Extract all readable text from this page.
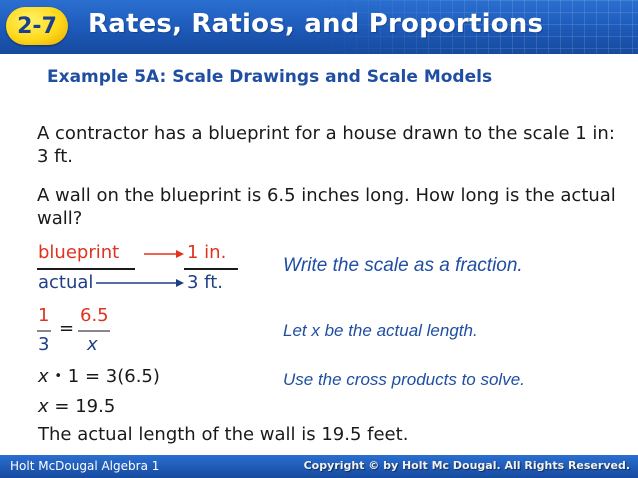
2-7	Rates, Ratios, and Proportions
Example 5A: Scale Drawings and Scale Models
A contractor has a blueprint for a house drawn to the scale 1 in: 3 ft.
A wall on the blueprint is 6.5 inches long. How long is the actual wall?
blueprint
actual
1 in.
3 ft.
Write the scale as a fraction.
Let x be the actual length.
Use the cross products to solve.
1
3
=
6.5
x
x • 1 = 3(6.5)
x = 19.5
The actual length of the wall is 19.5 feet.
Holt McDougal Algebra 1	Copyright © by Holt Mc Dougal. All Rights Reserved.
